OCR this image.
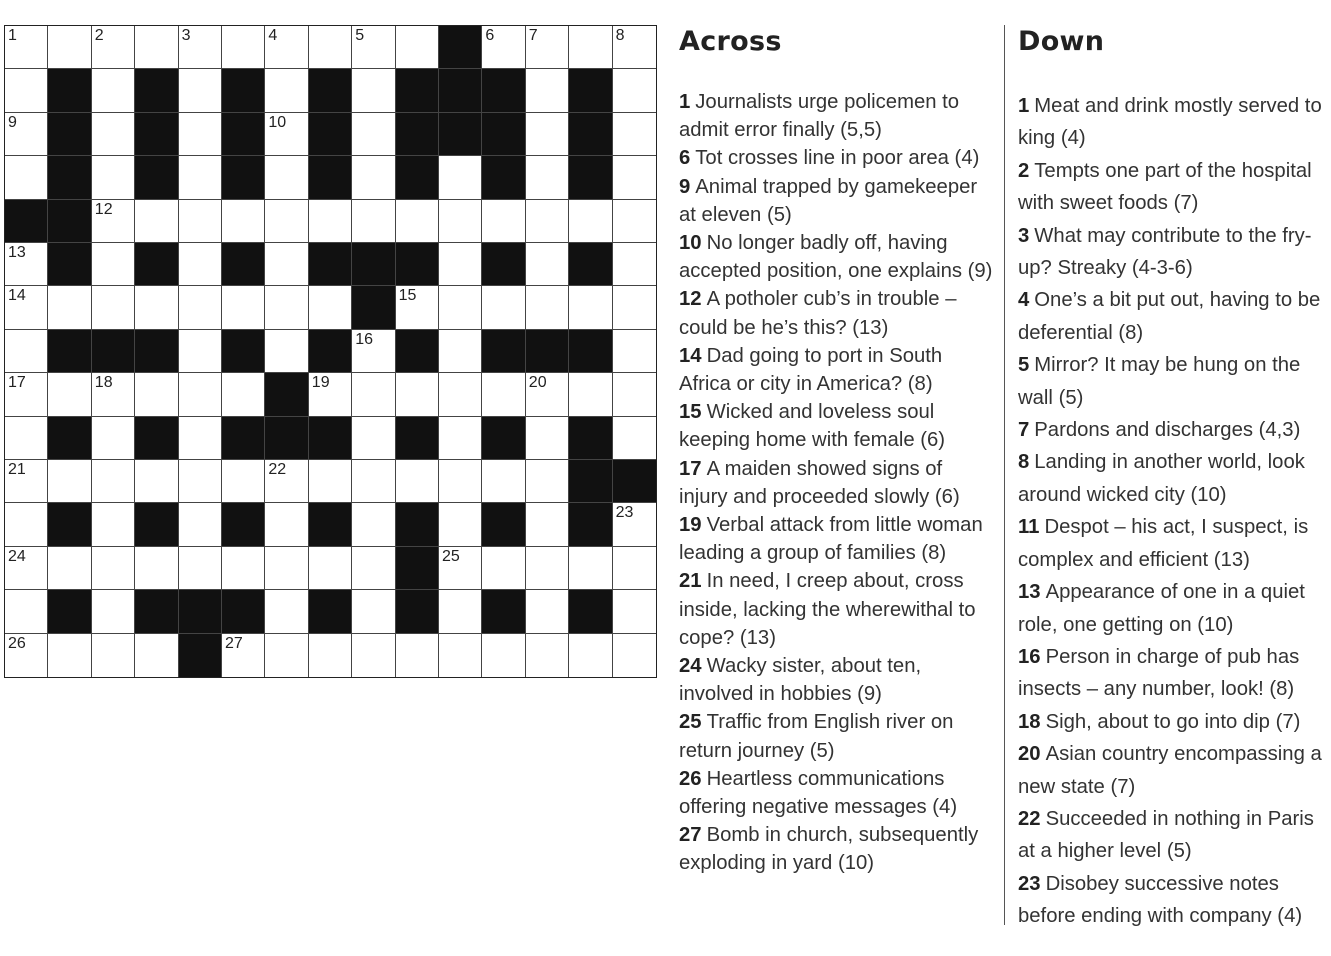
1	2	3	4	5	6 7	8
9	10
12
13
14	15
16
17	18	19	20
21	22
23
24	25
26	27
Across
1 Journalists urge policemen to admit error finally (5,5)
6 Tot crosses line in poor area (4)
9 Animal trapped by gamekeeper at eleven (5)
10 No longer badly off, having accepted position, one explains (9)
12 A potholer cub’s in trouble – could be he’s this? (13)
14 Dad going to port in South Africa or city in America? (8)
15 Wicked and loveless soul keeping home with female (6)
17 A maiden showed signs of injury and proceeded slowly (6)
19 Verbal attack from little woman leading a group of families (8)
21 In need, I creep about, cross inside, lacking the wherewithal to cope? (13)
24 Wacky sister, about ten, involved in hobbies (9)
25 Traffic from English river on return journey (5)
26 Heartless communications offering negative messages (4)
27 Bomb in church, subsequently exploding in yard (10)
Down
1 Meat and drink mostly served to king (4)
2 Tempts one part of the hospital with sweet foods (7)
3 What may contribute to the fry-up? Streaky (4-3-6)
4 One’s a bit put out, having to be deferential (8)
5 Mirror? It may be hung on the wall (5)
7 Pardons and discharges (4,3)
8 Landing in another world, look around wicked city (10)
11 Despot – his act, I suspect, is complex and efficient (13)
13 Appearance of one in a quiet role, one getting on (10)
16 Person in charge of pub has insects – any number, look! (8)
18 Sigh, about to go into dip (7)
20 Asian country encompassing a new state (7)
22 Succeeded in nothing in Paris at a higher level (5)
23 Disobey successive notes before ending with company (4)
